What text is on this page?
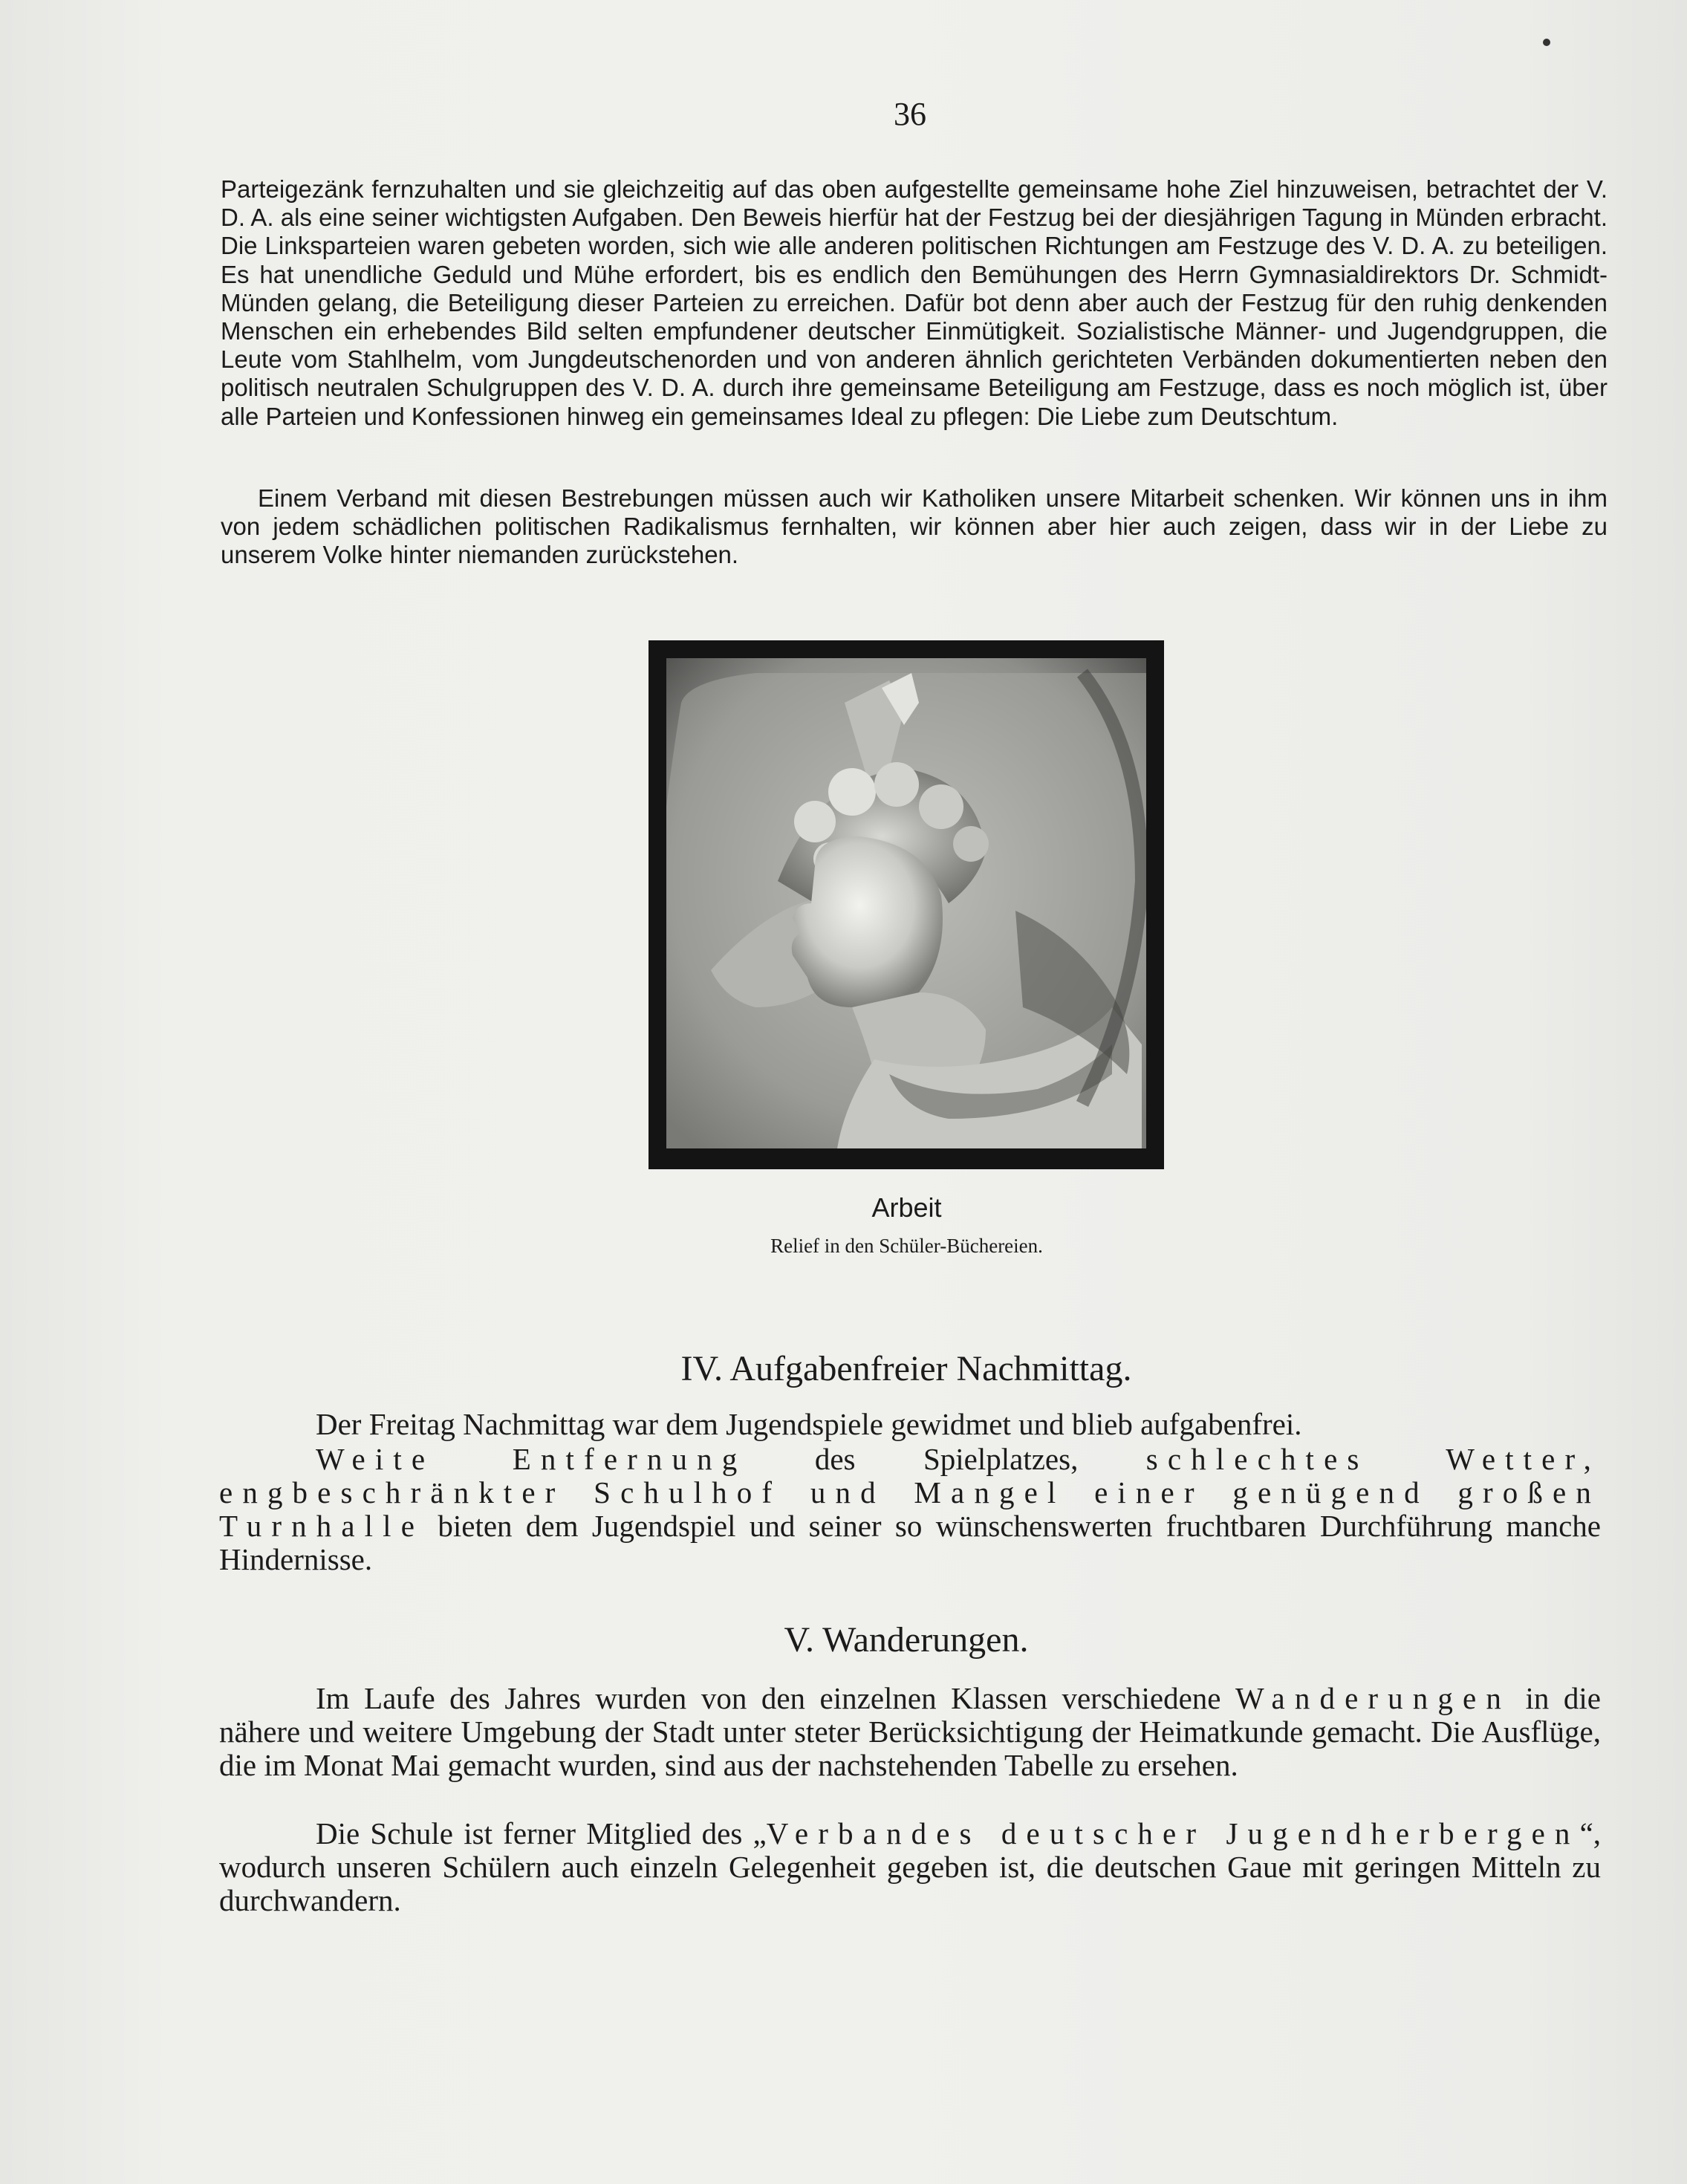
36

Parteigezänk fernzuhalten und sie gleichzeitig auf das oben aufgestellte gemeinsame hohe Ziel hinzuweisen, betrachtet der V. D. A. als eine seiner wichtigsten Aufgaben. Den Beweis hierfür hat der Festzug bei der diesjährigen Tagung in Münden erbracht. Die Linksparteien waren gebeten worden, sich wie alle anderen politischen Richtungen am Festzuge des V. D. A. zu beteiligen. Es hat unendliche Geduld und Mühe erfordert, bis es endlich den Bemühungen des Herrn Gymnasialdirektors Dr. Schmidt-Münden gelang, die Beteiligung dieser Parteien zu erreichen. Dafür bot denn aber auch der Festzug für den ruhig denkenden Menschen ein erhebendes Bild selten empfundener deutscher Einmütigkeit. Sozialistische Männer- und Jugendgruppen, die Leute vom Stahlhelm, vom Jungdeutschenorden und von anderen ähnlich gerichteten Verbänden dokumentierten neben den politisch neutralen Schulgruppen des V. D. A. durch ihre gemeinsame Beteiligung am Festzuge, dass es noch möglich ist, über alle Parteien und Konfessionen hinweg ein gemeinsames Ideal zu pflegen: Die Liebe zum Deutschtum.

Einem Verband mit diesen Bestrebungen müssen auch wir Katholiken unsere Mitarbeit schenken. Wir können uns in ihm von jedem schädlichen politischen Radikalismus fernhalten, wir können aber hier auch zeigen, dass wir in der Liebe zu unserem Volke hinter niemanden zurückstehen.

Arbeit
Relief in den Schüler-Büchereien.
IV. Aufgabenfreier Nachmittag.

Der Freitag Nachmittag war dem Jugendspiele gewidmet und blieb aufgabenfrei.

Weite Entfernung des Spielplatzes, schlechtes Wetter, engbeschränkter Schulhof und Mangel einer genügend großen Turnhalle bieten dem Jugendspiel und seiner so wünschenswerten fruchtbaren Durchführung manche Hindernisse.

V. Wanderungen.

Im Laufe des Jahres wurden von den einzelnen Klassen verschiedene Wanderungen in die nähere und weitere Umgebung der Stadt unter steter Berücksichtigung der Heimatkunde gemacht. Die Ausflüge, die im Monat Mai gemacht wurden, sind aus der nachstehenden Tabelle zu ersehen.

Die Schule ist ferner Mitglied des „Verbandes deutscher Jugendherbergen“, wodurch unseren Schülern auch einzeln Gelegenheit gegeben ist, die deutschen Gaue mit geringen Mitteln zu durchwandern.
